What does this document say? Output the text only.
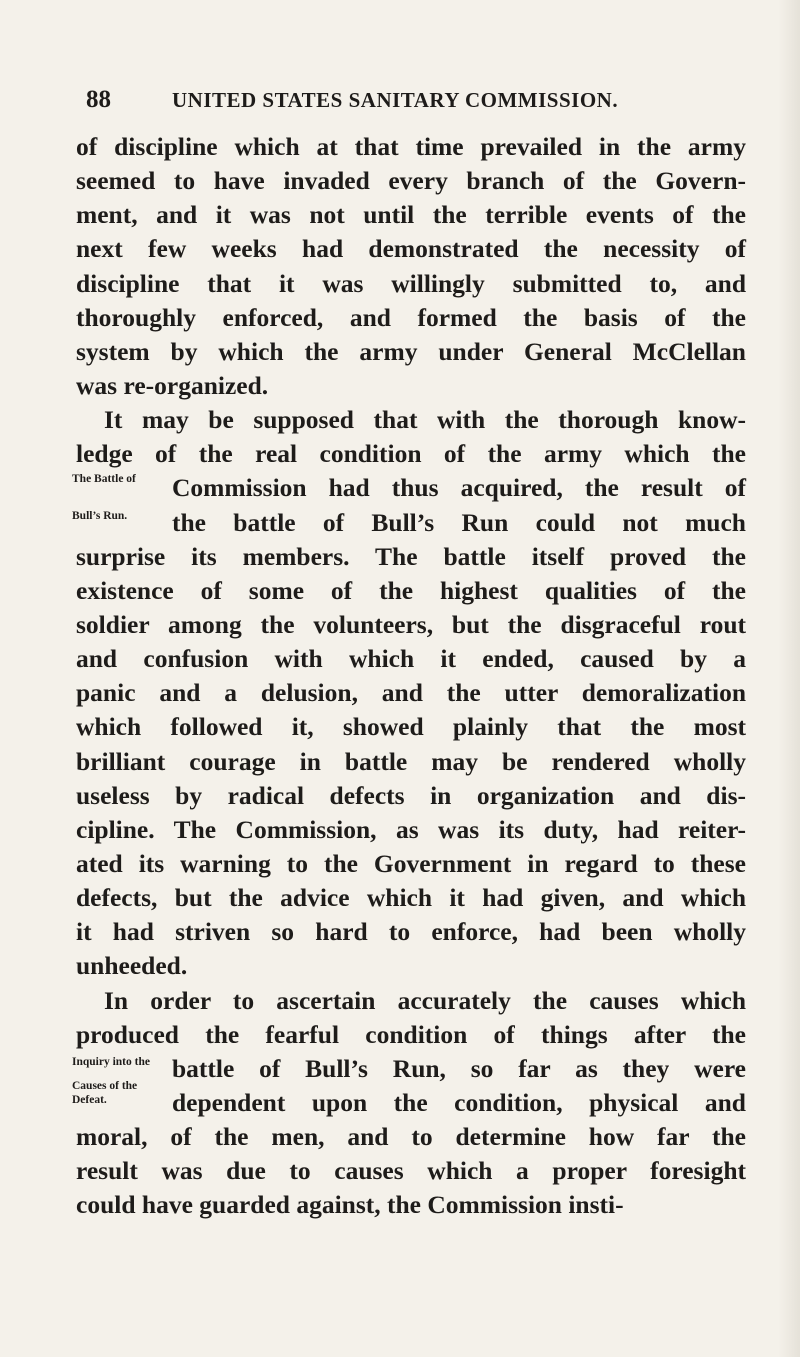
88	UNITED STATES SANITARY COMMISSION.
of discipline which at that time prevailed in the army
seemed to have invaded every branch of the Govern-
ment, and it was not until the terrible events of the
next few weeks had demonstrated the necessity of
discipline that it was willingly submitted to, and
thoroughly enforced, and formed the basis of the
system by which the army under General McClellan
was re-organized.
It may be supposed that with the thorough know-
ledge of the real condition of the army which the
The Battle of Commission had thus acquired, the result of
Bull’s Run. the battle of Bull’s Run could not much
surprise its members. The battle itself proved the
existence of some of the highest qualities of the
soldier among the volunteers, but the disgraceful rout
and confusion with which it ended, caused by a
panic and a delusion, and the utter demoralization
which followed it, showed plainly that the most
brilliant courage in battle may be rendered wholly
useless by radical defects in organization and dis-
cipline. The Commission, as was its duty, had reiter-
ated its warning to the Government in regard to these
defects, but the advice which it had given, and which
it had striven so hard to enforce, had been wholly
unheeded.
In order to ascertain accurately the causes which
produced the fearful condition of things after the
Inquiry into the battle of Bull’s Run, so far as they were
Causes of the
Defeat.	dependent upon the condition, physical and
moral, of the men, and to determine how far the
result was due to causes which a proper foresight
could have guarded against, the Commission insti-
